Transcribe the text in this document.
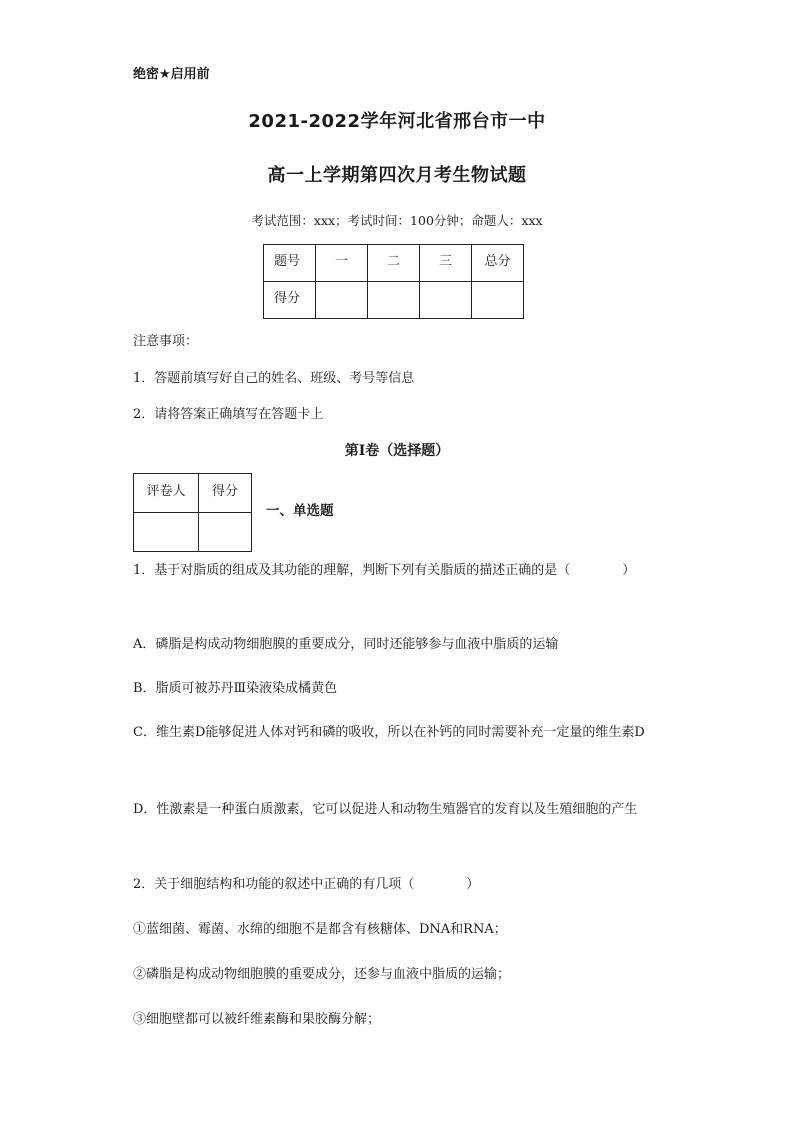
绝密★启用前
2021-2022学年河北省邢台市一中
高一上学期第四次月考生物试题
考试范围：xxx；考试时间：100分钟；命题人：xxx
题号	一	二	三	总分
得分				
注意事项：
1．答题前填写好自己的姓名、班级、考号等信息
2．请将答案正确填写在答题卡上
第I卷（选择题）
评卷人	得分

一、单选题
1．基于对脂质的组成及其功能的理解，判断下列有关脂质的描述正确的是（　　　　）
A．磷脂是构成动物细胞膜的重要成分，同时还能够参与血液中脂质的运输
B．脂质可被苏丹Ⅲ染液染成橘黄色
C．维生素D能够促进人体对钙和磷的吸收，所以在补钙的同时需要补充一定量的维生素D
D．性激素是一种蛋白质激素，它可以促进人和动物生殖器官的发育以及生殖细胞的产生
2．关于细胞结构和功能的叙述中正确的有几项（　　　　）
①蓝细菌、霉菌、水绵的细胞不是都含有核糖体、DNA和RNA；
②磷脂是构成动物细胞膜的重要成分，还参与血液中脂质的运输；
③细胞壁都可以被纤维素酶和果胶酶分解；
